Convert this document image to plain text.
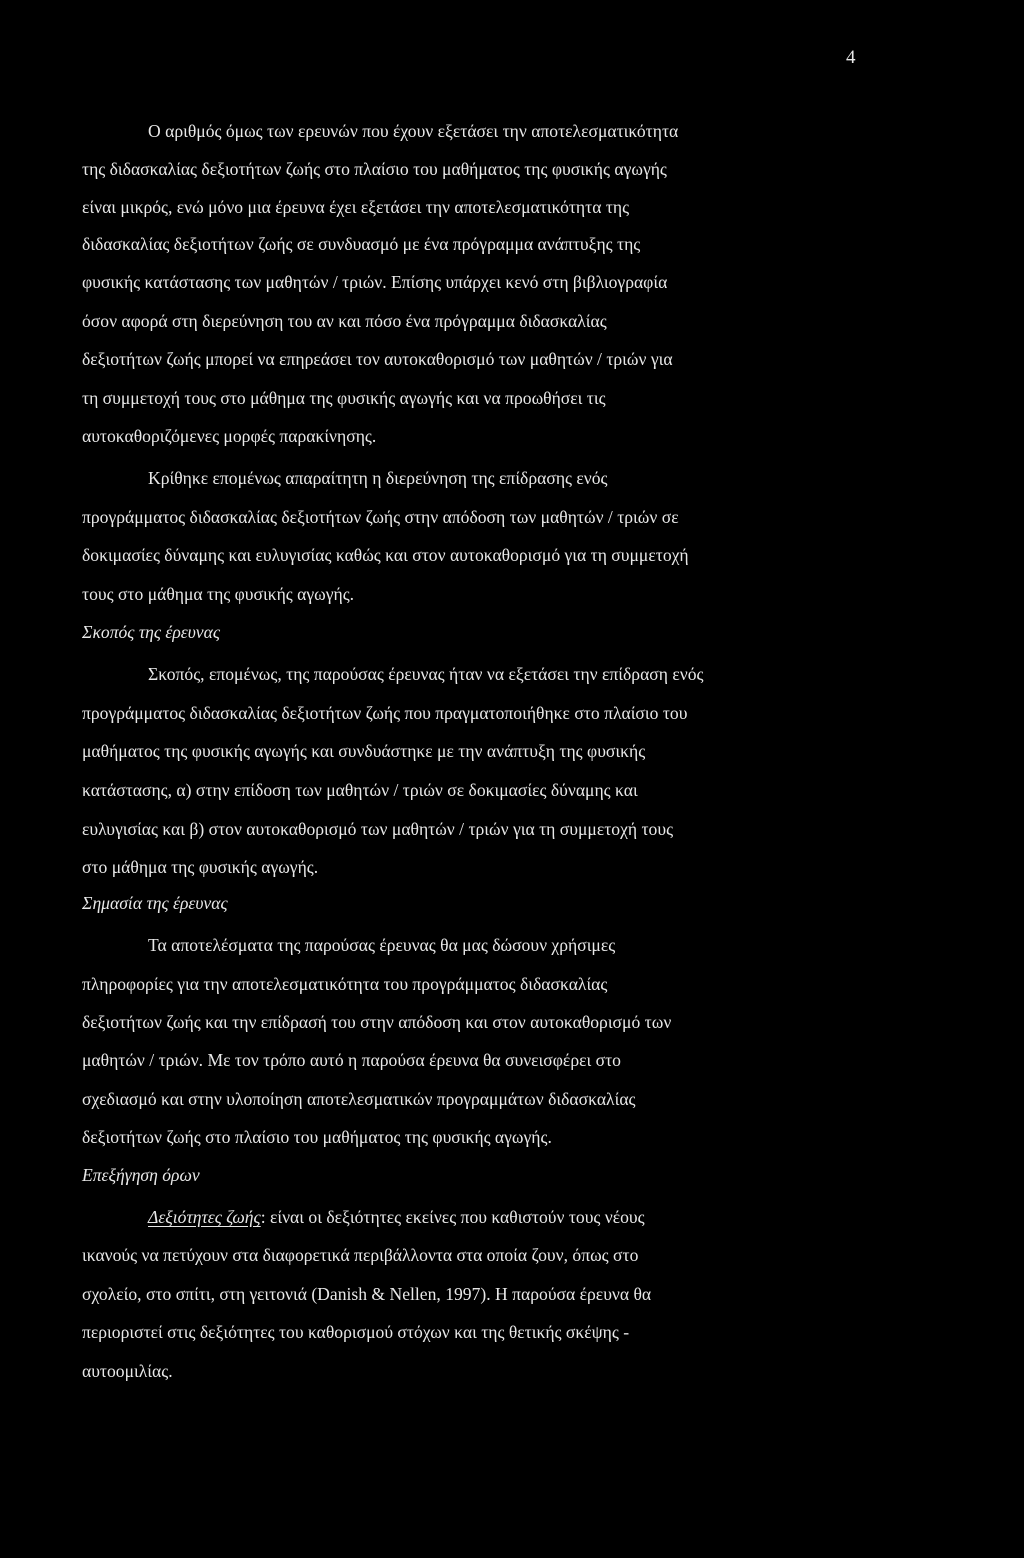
4

Ο αριθμός όμως των ερευνών που έχουν εξετάσει την αποτελεσματικότητα

της διδασκαλίας δεξιοτήτων ζωής στο πλαίσιο του μαθήματος της φυσικής αγωγής

είναι μικρός, ενώ μόνο μια έρευνα έχει εξετάσει την αποτελεσματικότητα της

διδασκαλίας δεξιοτήτων ζωής σε συνδυασμό με ένα πρόγραμμα ανάπτυξης της

φυσικής κατάστασης των μαθητών / τριών. Επίσης υπάρχει κενό στη βιβλιογραφία

όσον αφορά στη διερεύνηση του αν και πόσο ένα πρόγραμμα διδασκαλίας

δεξιοτήτων ζωής μπορεί να επηρεάσει τον αυτοκαθορισμό των μαθητών / τριών για

τη συμμετοχή τους στο μάθημα της φυσικής αγωγής και να προωθήσει τις

αυτοκαθοριζόμενες μορφές παρακίνησης.

Κρίθηκε επομένως απαραίτητη η διερεύνηση της επίδρασης ενός

προγράμματος διδασκαλίας δεξιοτήτων ζωής στην απόδοση των μαθητών / τριών σε

δοκιμασίες δύναμης και ευλυγισίας καθώς και στον αυτοκαθορισμό για τη συμμετοχή

τους στο μάθημα της φυσικής αγωγής.

Σκοπός της έρευνας

Σκοπός, επομένως, της παρούσας έρευνας ήταν να εξετάσει την επίδραση ενός

προγράμματος διδασκαλίας δεξιοτήτων ζωής που πραγματοποιήθηκε στο πλαίσιο του

μαθήματος της φυσικής αγωγής και συνδυάστηκε με την ανάπτυξη της φυσικής

κατάστασης, α) στην επίδοση των μαθητών / τριών σε δοκιμασίες δύναμης και

ευλυγισίας και β) στον αυτοκαθορισμό των μαθητών / τριών για τη συμμετοχή τους

στο μάθημα της φυσικής αγωγής.

Σημασία της έρευνας

Τα αποτελέσματα της παρούσας έρευνας θα μας δώσουν χρήσιμες

πληροφορίες για την αποτελεσματικότητα του προγράμματος διδασκαλίας

δεξιοτήτων ζωής και την επίδρασή του στην απόδοση και στον αυτοκαθορισμό των

μαθητών / τριών. Με τον τρόπο αυτό η παρούσα έρευνα θα συνεισφέρει στο

σχεδιασμό και στην υλοποίηση αποτελεσματικών προγραμμάτων διδασκαλίας

δεξιοτήτων ζωής στο πλαίσιο του μαθήματος της φυσικής αγωγής.

Επεξήγηση όρων

Δεξιότητες ζωής: είναι οι δεξιότητες εκείνες που καθιστούν τους νέους

ικανούς να πετύχουν στα διαφορετικά περιβάλλοντα στα οποία ζουν, όπως στο

σχολείο, στο σπίτι, στη γειτονιά (Danish & Nellen, 1997). Η παρούσα έρευνα θα

περιοριστεί στις δεξιότητες του καθορισμού στόχων και της θετικής σκέψης -

αυτοομιλίας.
